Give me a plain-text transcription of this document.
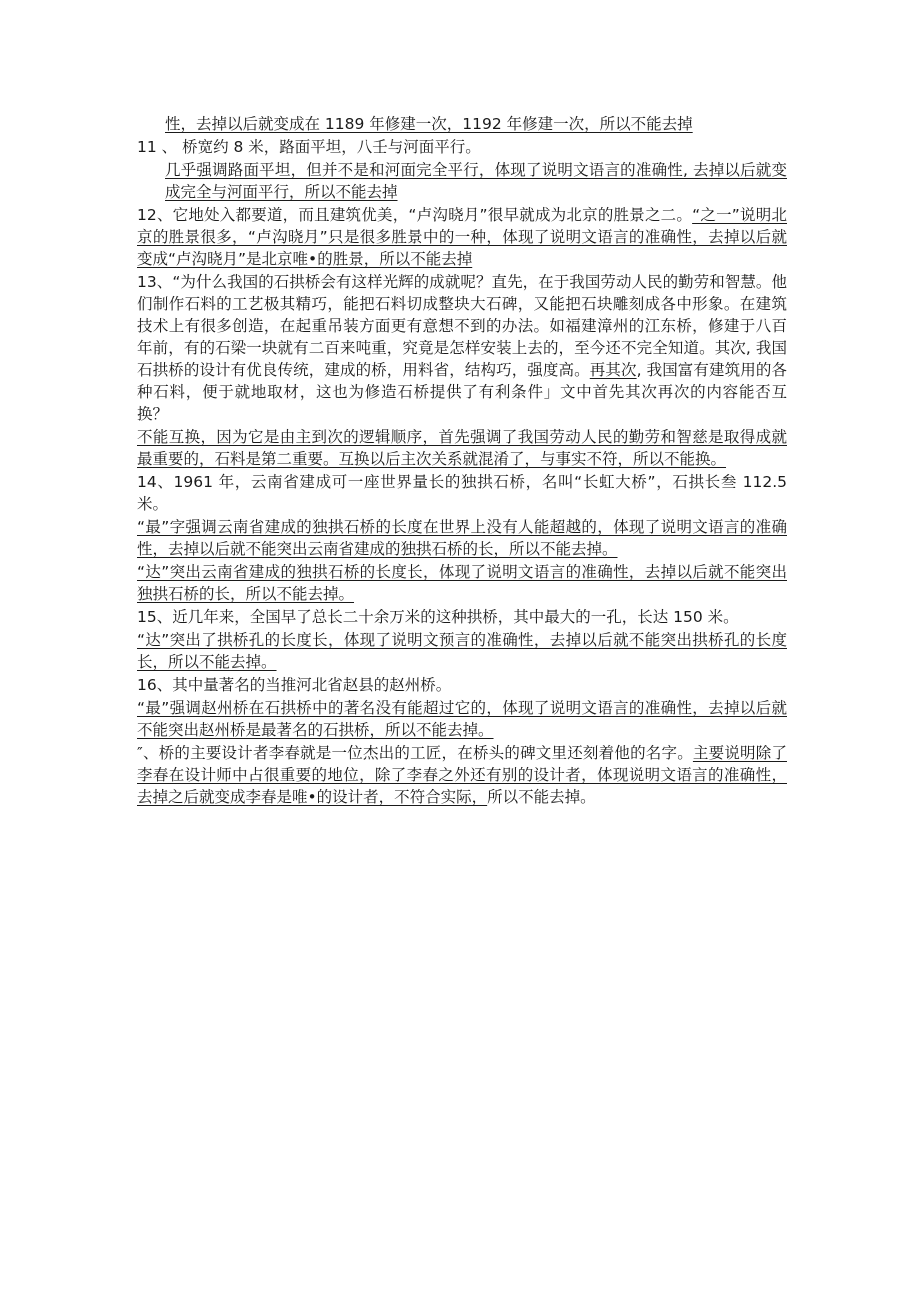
性，去掉以后就变成在 1189 年修建一次，1192 年修建一次，所以不能去掉
11 、 桥宽约 8 米，路面平坦，八壬与河面平行。
几乎强调路面平坦，但并不是和河面完全平行，体现了说明文语言的准确性, 去掉以后就变成完全与河面平行，所以不能去掉
12、它地处入都要道，而且建筑优美，“卢沟晓月”很早就成为北京的胜景之二。“之一”说明北京的胜景很多，“卢沟晓月”只是很多胜景中的一种，体现了说明文语言的准确性，去掉以后就变成“卢沟晓月”是北京唯•的胜景，所以不能去掉
13、“为什么我国的石拱桥会有这样光辉的成就呢？直先，在于我国劳动人民的勤劳和智慧。他们制作石料的工艺极其精巧，能把石料切成整块大石碑，又能把石块雕刻成各中形象。在建筑技术上有很多创造，在起重吊装方面更有意想不到的办法。如福建漳州的江东桥，修建于八百年前，有的石梁一块就有二百来吨重，究竟是怎样安装上去的，至今还不完全知道。其次, 我国石拱桥的设计有优良传统，建成的桥，用料省，结构巧，强度高。再其次, 我国富有建筑用的各种石料，便于就地取材，这也为修造石桥提供了有利条件」文中首先其次再次的内容能否互换？
不能互换，因为它是由主到次的逻辑顺序，首先强调了我国劳动人民的勤劳和智慈是取得成就最重要的，石料是第二重要。互换以后主次关系就混淆了，与事实不符，所以不能换。
14、1961 年，云南省建成可一座世界量长的独拱石桥，名叫“长虹大桥”，石拱长叁 112.5 米。
“最”字强调云南省建成的独拱石桥的长度在世界上没有人能超越的，体现了说明文语言的准确性，去掉以后就不能突出云南省建成的独拱石桥的长，所以不能去掉。
“达”突出云南省建成的独拱石桥的长度长，体现了说明文语言的准确性，去掉以后就不能突出独拱石桥的长，所以不能去掉。
15、近几年来，全国早了总长二十余万米的这种拱桥，其中最大的一孔，长达 150 米。
“达”突出了拱桥孔的长度长，体现了说明文预言的准确性，去掉以后就不能突出拱桥孔的长度长，所以不能去掉。
16、其中量著名的当推河北省赵县的赵州桥。
“最”强调赵州桥在石拱桥中的著名没有能超过它的，体现了说明文语言的准确性，去掉以后就不能突出赵州桥是最著名的石拱桥，所以不能去掉。
″、桥的主要设计者李春就是一位杰出的工匠，在桥头的碑文里还刻着他的名字。主要说明除了李春在设计师中占很重要的地位，除了李春之外还有别的设计者，体现说明文语言的准确性，去掉之后就变成李春是唯•的设计者，不符合实际，所以不能去掉。
